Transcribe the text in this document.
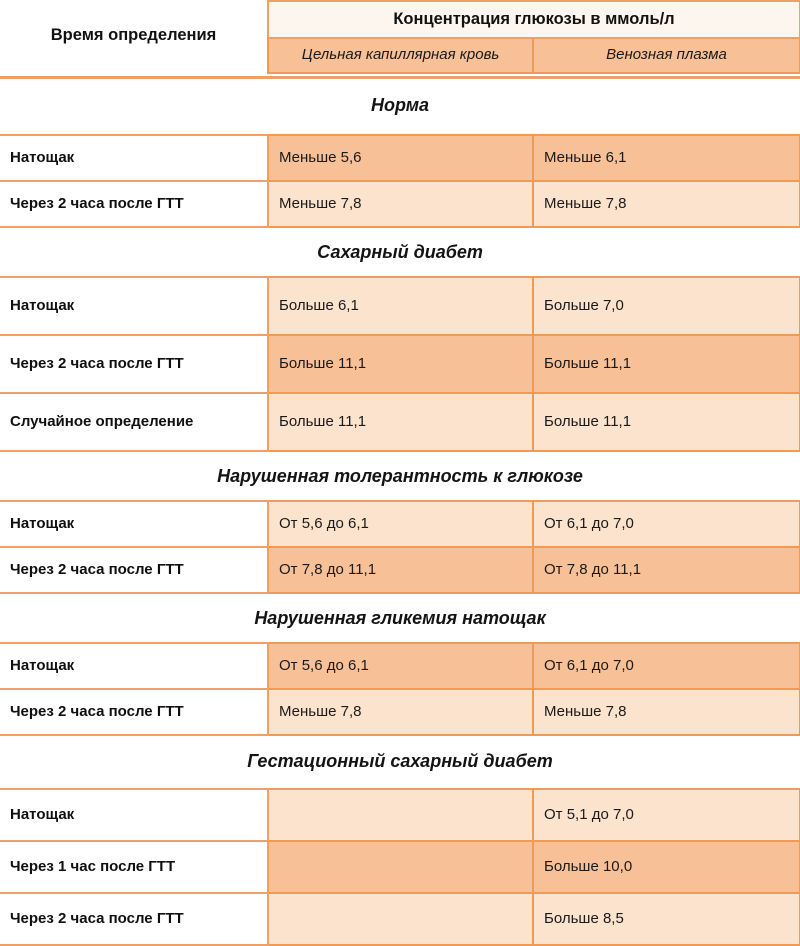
Время определения	Концентрация глюкозы в ммоль/л	
	Цельная капиллярная кровь	Венозная плазма

Норма
Натощак	Меньше 5,6	Меньше 6,1
Через 2 часа после ГТТ	Меньше 7,8	Меньше 7,8
Сахарный диабет
Натощак	Больше 6,1	Больше 7,0
Через 2 часа после ГТТ	Больше 11,1	Больше 11,1
Случайное определение	Больше 11,1	Больше 11,1
Нарушенная толерантность к глюкозе
Натощак	От 5,6 до 6,1	От 6,1 до 7,0
Через 2 часа после ГТТ	От 7,8 до 11,1	От 7,8 до 11,1
Нарушенная гликемия натощак
Натощак	От 5,6 до 6,1	От 6,1 до 7,0
Через 2 часа после ГТТ	Меньше 7,8	Меньше 7,8
Гестационный сахарный диабет
Натощак		От 5,1 до 7,0
Через 1 час после ГТТ		Больше 10,0
Через 2 часа после ГТТ		Больше 8,5
